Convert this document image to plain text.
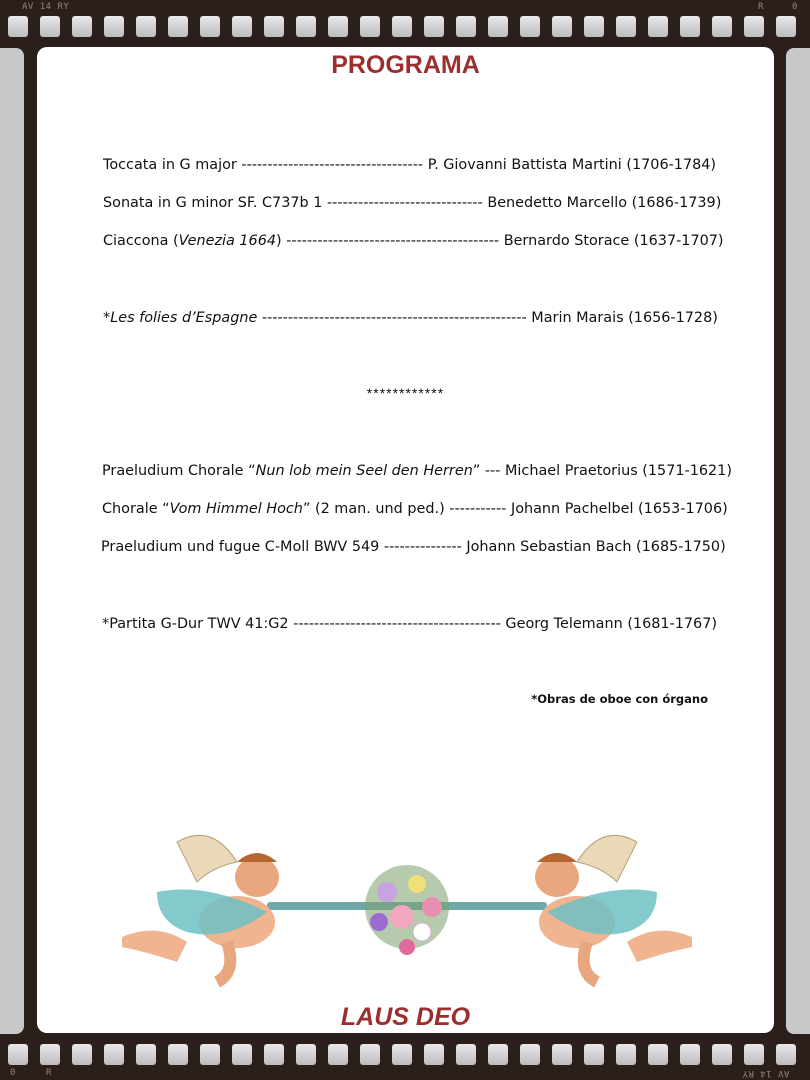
AV 14 RY	R	0
0	R	AV 14 RY
PROGRAMA
Toccata in G major ----------------------------------- P. Giovanni Battista Martini (1706-1784)
Sonata in G minor SF. C737b 1 ------------------------------ Benedetto Marcello (1686-1739)
Ciaccona (Venezia 1664) ----------------------------------------- Bernardo Storace (1637-1707)
*Les folies d’Espagne --------------------------------------------------- Marin Marais (1656-1728)
************
Praeludium Chorale “Nun lob mein Seel den Herren” --- Michael Praetorius (1571-1621)
Chorale “Vom Himmel Hoch” (2 man. und ped.) ----------- Johann Pachelbel (1653-1706)
Praeludium und fugue C-Moll BWV 549 --------------- Johann Sebastian Bach (1685-1750)
*Partita G-Dur TWV 41:G2 ---------------------------------------- Georg Telemann (1681-1767)
*Obras de oboe con órgano
LAUS DEO
